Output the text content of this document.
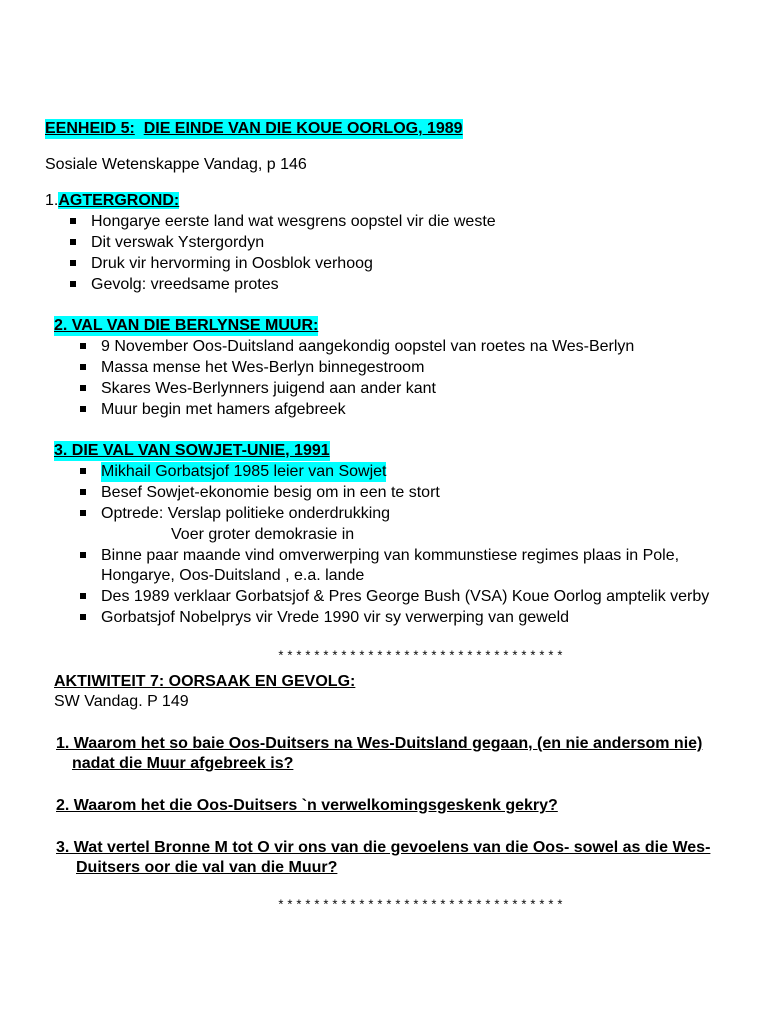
EENHEID 5: DIE EINDE VAN DIE KOUE OORLOG, 1989
Sosiale Wetenskappe Vandag, p 146
1.AGTERGROND:
Hongarye eerste land wat wesgrens oopstel vir die weste
Dit verswak Ystergordyn
Druk vir hervorming in Oosblok verhoog
Gevolg: vreedsame protes
2. VAL VAN DIE BERLYNSE MUUR:
9 November Oos-Duitsland aangekondig oopstel van roetes na Wes-Berlyn
Massa mense het Wes-Berlyn binnegestroom
Skares Wes-Berlynners juigend aan ander kant
Muur begin met hamers afgebreek
3. DIE VAL VAN SOWJET-UNIE, 1991
Mikhail Gorbatsjof 1985 leier van Sowjet
Besef Sowjet-ekonomie besig om in een te stort
Optrede: Verslap politieke onderdrukking
Voer groter demokrasie in
Binne paar maande vind omverwerping van kommunstiese regimes plaas in Pole,
Hongarye, Oos-Duitsland , e.a. lande
Des 1989 verklaar Gorbatsjof & Pres George Bush (VSA) Koue Oorlog amptelik verby
Gorbatsjof Nobelprys vir Vrede 1990 vir sy verwerping van geweld
********************************
AKTIWITEIT 7: OORSAAK EN GEVOLG:
SW Vandag. P 149
1. Waarom het so baie Oos-Duitsers na Wes-Duitsland gegaan, (en nie andersom nie)
nadat die Muur afgebreek is?
2. Waarom het die Oos-Duitsers `n verwelkomingsgeskenk gekry?
3. Wat vertel Bronne M tot O vir ons van die gevoelens van die Oos- sowel as die Wes-
Duitsers oor die val van die Muur?
********************************
